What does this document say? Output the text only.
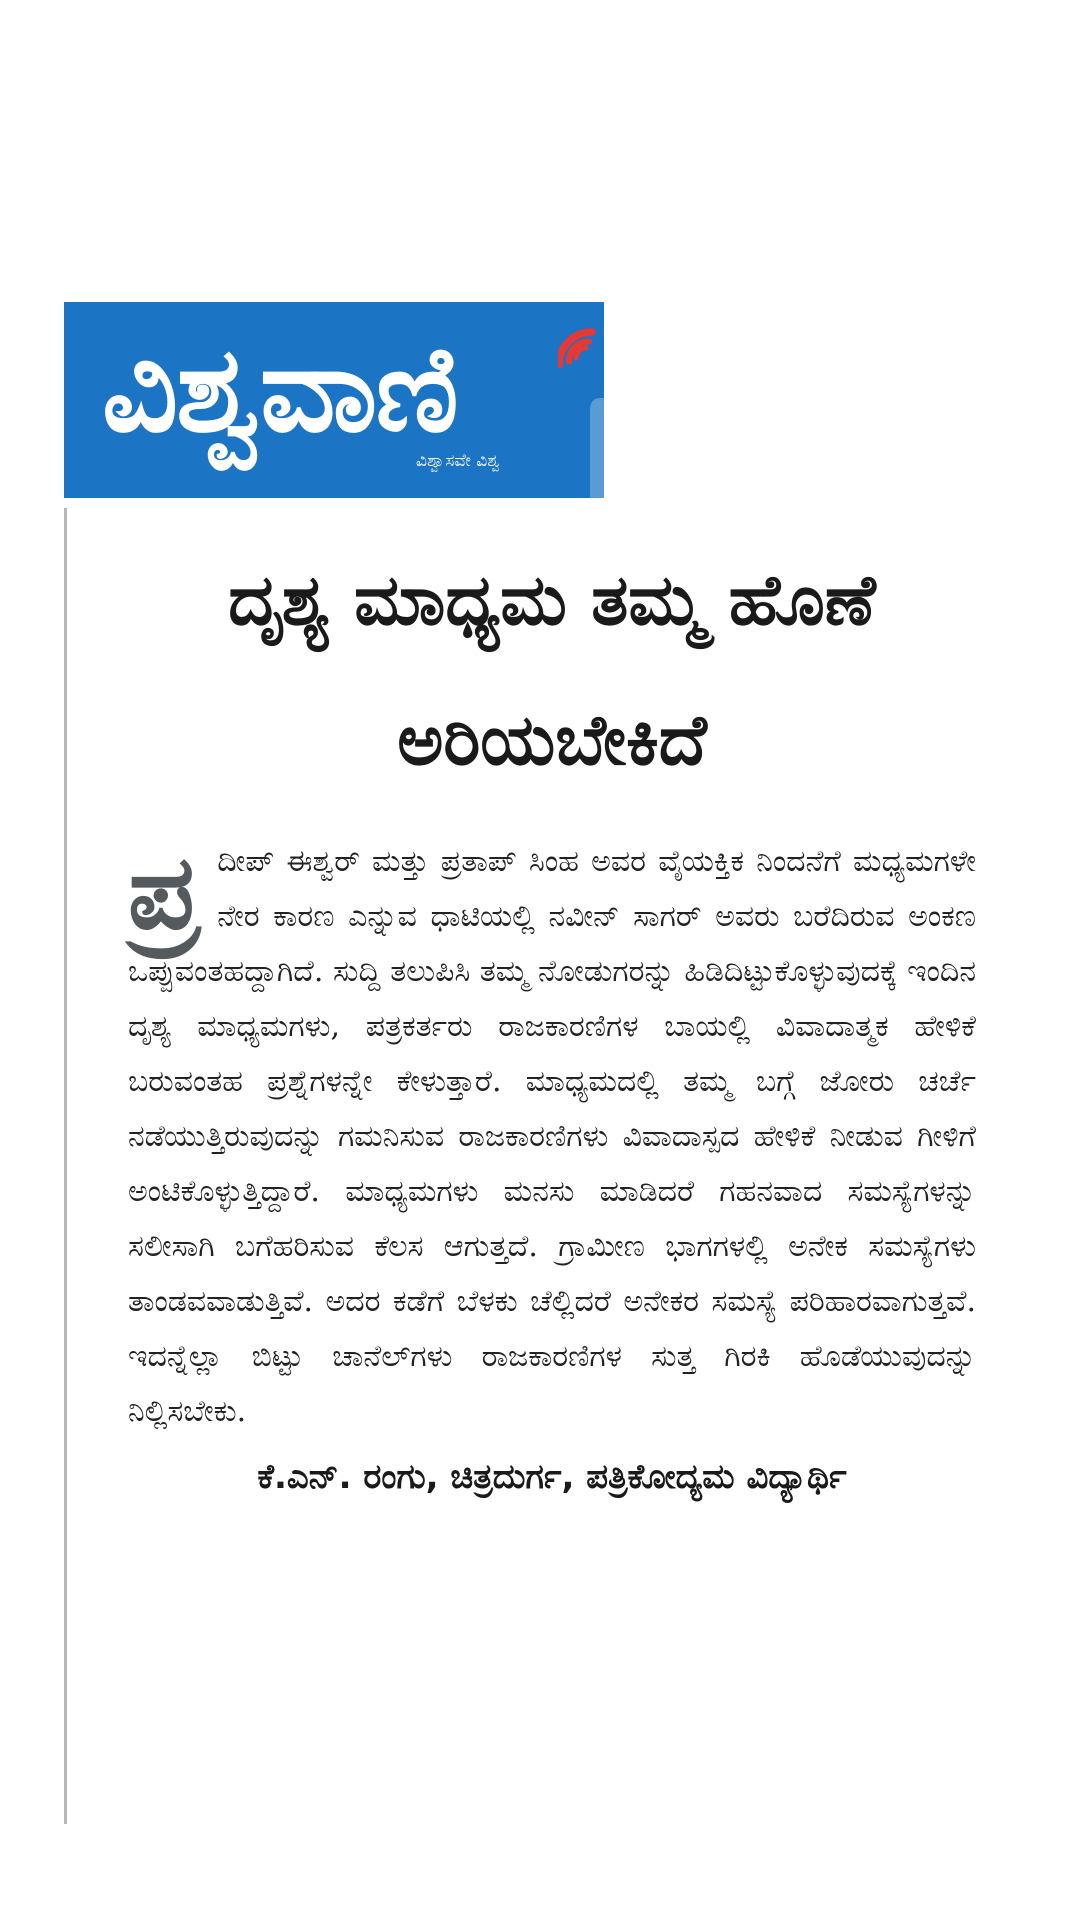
ವಿಶ್ವವಾಣಿ
ವಿಶ್ವಾಸವೇ ವಿಶ್ವ
ದೃಶ್ಯ ಮಾಧ್ಯಮ ತಮ್ಮ ಹೊಣೆ ಅರಿಯಬೇಕಿದೆ

ಪ್ರ ದೀಪ್ ಈಶ್ವರ್ ಮತ್ತು ಪ್ರತಾಪ್ ಸಿಂಹ ಅವರ ವೈಯಕ್ತಿಕ ನಿಂದನೆಗೆ ಮಧ್ಯಮಗಳೇ ನೇರ ಕಾರಣ ಎನ್ನುವ ಧಾಟಿಯಲ್ಲಿ ನವೀನ್ ಸಾಗರ್ ಅವರು ಬರೆದಿರುವ ಅಂಕಣ ಒಪ್ಪುವಂತಹದ್ದಾಗಿದೆ. ಸುದ್ದಿ ತಲುಪಿಸಿ ತಮ್ಮ ನೋಡುಗರನ್ನು ಹಿಡಿದಿಟ್ಟುಕೊಳ್ಳುವುದಕ್ಕೆ ಇಂದಿನ ದೃಶ್ಯ ಮಾಧ್ಯಮಗಳು, ಪತ್ರಕರ್ತರು ರಾಜಕಾರಣಿಗಳ ಬಾಯಲ್ಲಿ ವಿವಾದಾತ್ಮಕ ಹೇಳಿಕೆ ಬರುವಂತಹ ಪ್ರಶ್ನೆಗಳನ್ನೇ ಕೇಳುತ್ತಾರೆ. ಮಾಧ್ಯಮದಲ್ಲಿ ತಮ್ಮ ಬಗ್ಗೆ ಜೋರು ಚರ್ಚೆ ನಡೆಯುತ್ತಿರುವುದನ್ನು ಗಮನಿಸುವ ರಾಜಕಾರಣಿಗಳು ವಿವಾದಾಸ್ಪದ ಹೇಳಿಕೆ ನೀಡುವ ಗೀಳಿಗೆ ಅಂಟಿಕೊಳ್ಳುತ್ತಿದ್ದಾರೆ. ಮಾಧ್ಯಮಗಳು ಮನಸು ಮಾಡಿದರೆ ಗಹನವಾದ ಸಮಸ್ಯೆಗಳನ್ನು ಸಲೀಸಾಗಿ ಬಗೆಹರಿಸುವ ಕೆಲಸ ಆಗುತ್ತದೆ. ಗ್ರಾಮೀಣ ಭಾಗಗಳಲ್ಲಿ ಅನೇಕ ಸಮಸ್ಯೆಗಳು ತಾಂಡವವಾಡುತ್ತಿವೆ. ಅದರ ಕಡೆಗೆ ಬೆಳಕು ಚೆಲ್ಲಿದರೆ ಅನೇಕರ ಸಮಸ್ಯೆ ಪರಿಹಾರವಾಗುತ್ತವೆ. ಇದನ್ನೆಲ್ಲಾ ಬಿಟ್ಟು ಚಾನೆಲ್‌ಗಳು ರಾಜಕಾರಣಿಗಳ ಸುತ್ತ ಗಿರಕಿ ಹೊಡೆಯುವುದನ್ನು ನಿಲ್ಲಿಸಬೇಕು.

ಕೆ.ಎನ್. ರಂಗು, ಚಿತ್ರದುರ್ಗ, ಪತ್ರಿಕೋದ್ಯಮ ವಿದ್ಯಾರ್ಥಿ
